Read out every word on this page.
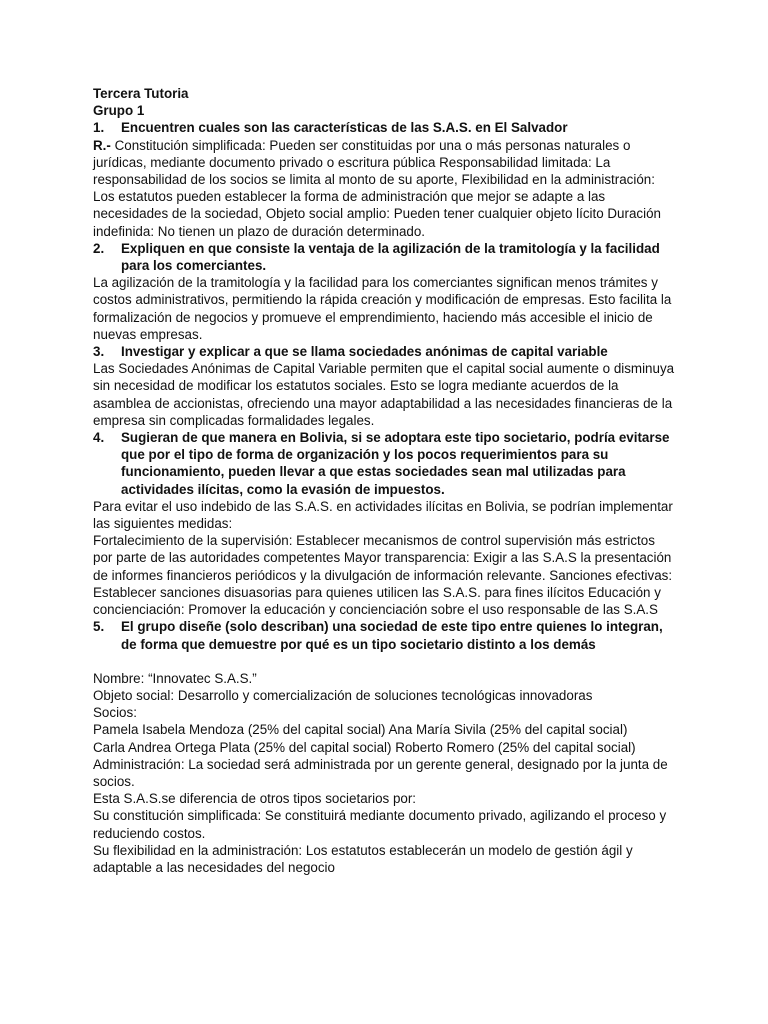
Tercera Tutoria

Grupo 1

1.	Encuentren cuales son las características de las S.A.S. en El Salvador

R.- Constitución simplificada: Pueden ser constituidas por una o más personas naturales o jurídicas, mediante documento privado o escritura pública Responsabilidad limitada: La responsabilidad de los socios se limita al monto de su aporte, Flexibilidad en la administración: Los estatutos pueden establecer la forma de administración que mejor se adapte a las necesidades de la sociedad, Objeto social amplio: Pueden tener cualquier objeto lícito Duración indefinida: No tienen un plazo de duración determinado.

2.	Expliquen en que consiste la ventaja de la agilización de la tramitología y la facilidad para los comerciantes.

La agilización de la tramitología y la facilidad para los comerciantes significan menos trámites y costos administrativos, permitiendo la rápida creación y modificación de empresas. Esto facilita la formalización de negocios y promueve el emprendimiento, haciendo más accesible el inicio de nuevas empresas.

3.	Investigar y explicar a que se llama sociedades anónimas de capital variable

Las Sociedades Anónimas de Capital Variable permiten que el capital social aumente o disminuya sin necesidad de modificar los estatutos sociales. Esto se logra mediante acuerdos de la asamblea de accionistas, ofreciendo una mayor adaptabilidad a las necesidades financieras de la empresa sin complicadas formalidades legales.

4.	Sugieran de que manera en Bolivia, si se adoptara este tipo societario, podría evitarse que por el tipo de forma de organización y los pocos requerimientos para su funcionamiento, pueden llevar a que estas sociedades sean mal utilizadas para actividades ilícitas, como la evasión de impuestos.

Para evitar el uso indebido de las S.A.S. en actividades ilícitas en Bolivia, se podrían implementar las siguientes medidas:

Fortalecimiento de la supervisión: Establecer mecanismos de control supervisión más estrictos por parte de las autoridades competentes Mayor transparencia: Exigir a las S.A.S la presentación de informes financieros periódicos y la divulgación de información relevante. Sanciones efectivas: Establecer sanciones disuasorias para quienes utilicen las S.A.S. para fines ilícitos Educación y concienciación: Promover la educación y concienciación sobre el uso responsable de las S.A.S

5.	El grupo diseñe (solo describan) una sociedad de este tipo entre quienes lo integran, de forma que demuestre por qué es un tipo societario distinto a los demás

Nombre: “Innovatec S.A.S.”

Objeto social: Desarrollo y comercialización de soluciones tecnológicas innovadoras

Socios:

Pamela Isabela Mendoza (25% del capital social) Ana María Sivila (25% del capital social)

Carla Andrea Ortega Plata (25% del capital social) Roberto Romero (25% del capital social)

Administración: La sociedad será administrada por un gerente general, designado por la junta de socios.

Esta S.A.S.se diferencia de otros tipos societarios por:

Su constitución simplificada: Se constituirá mediante documento privado, agilizando el proceso y reduciendo costos.

Su flexibilidad en la administración: Los estatutos establecerán un modelo de gestión ágil y adaptable a las necesidades del negocio
